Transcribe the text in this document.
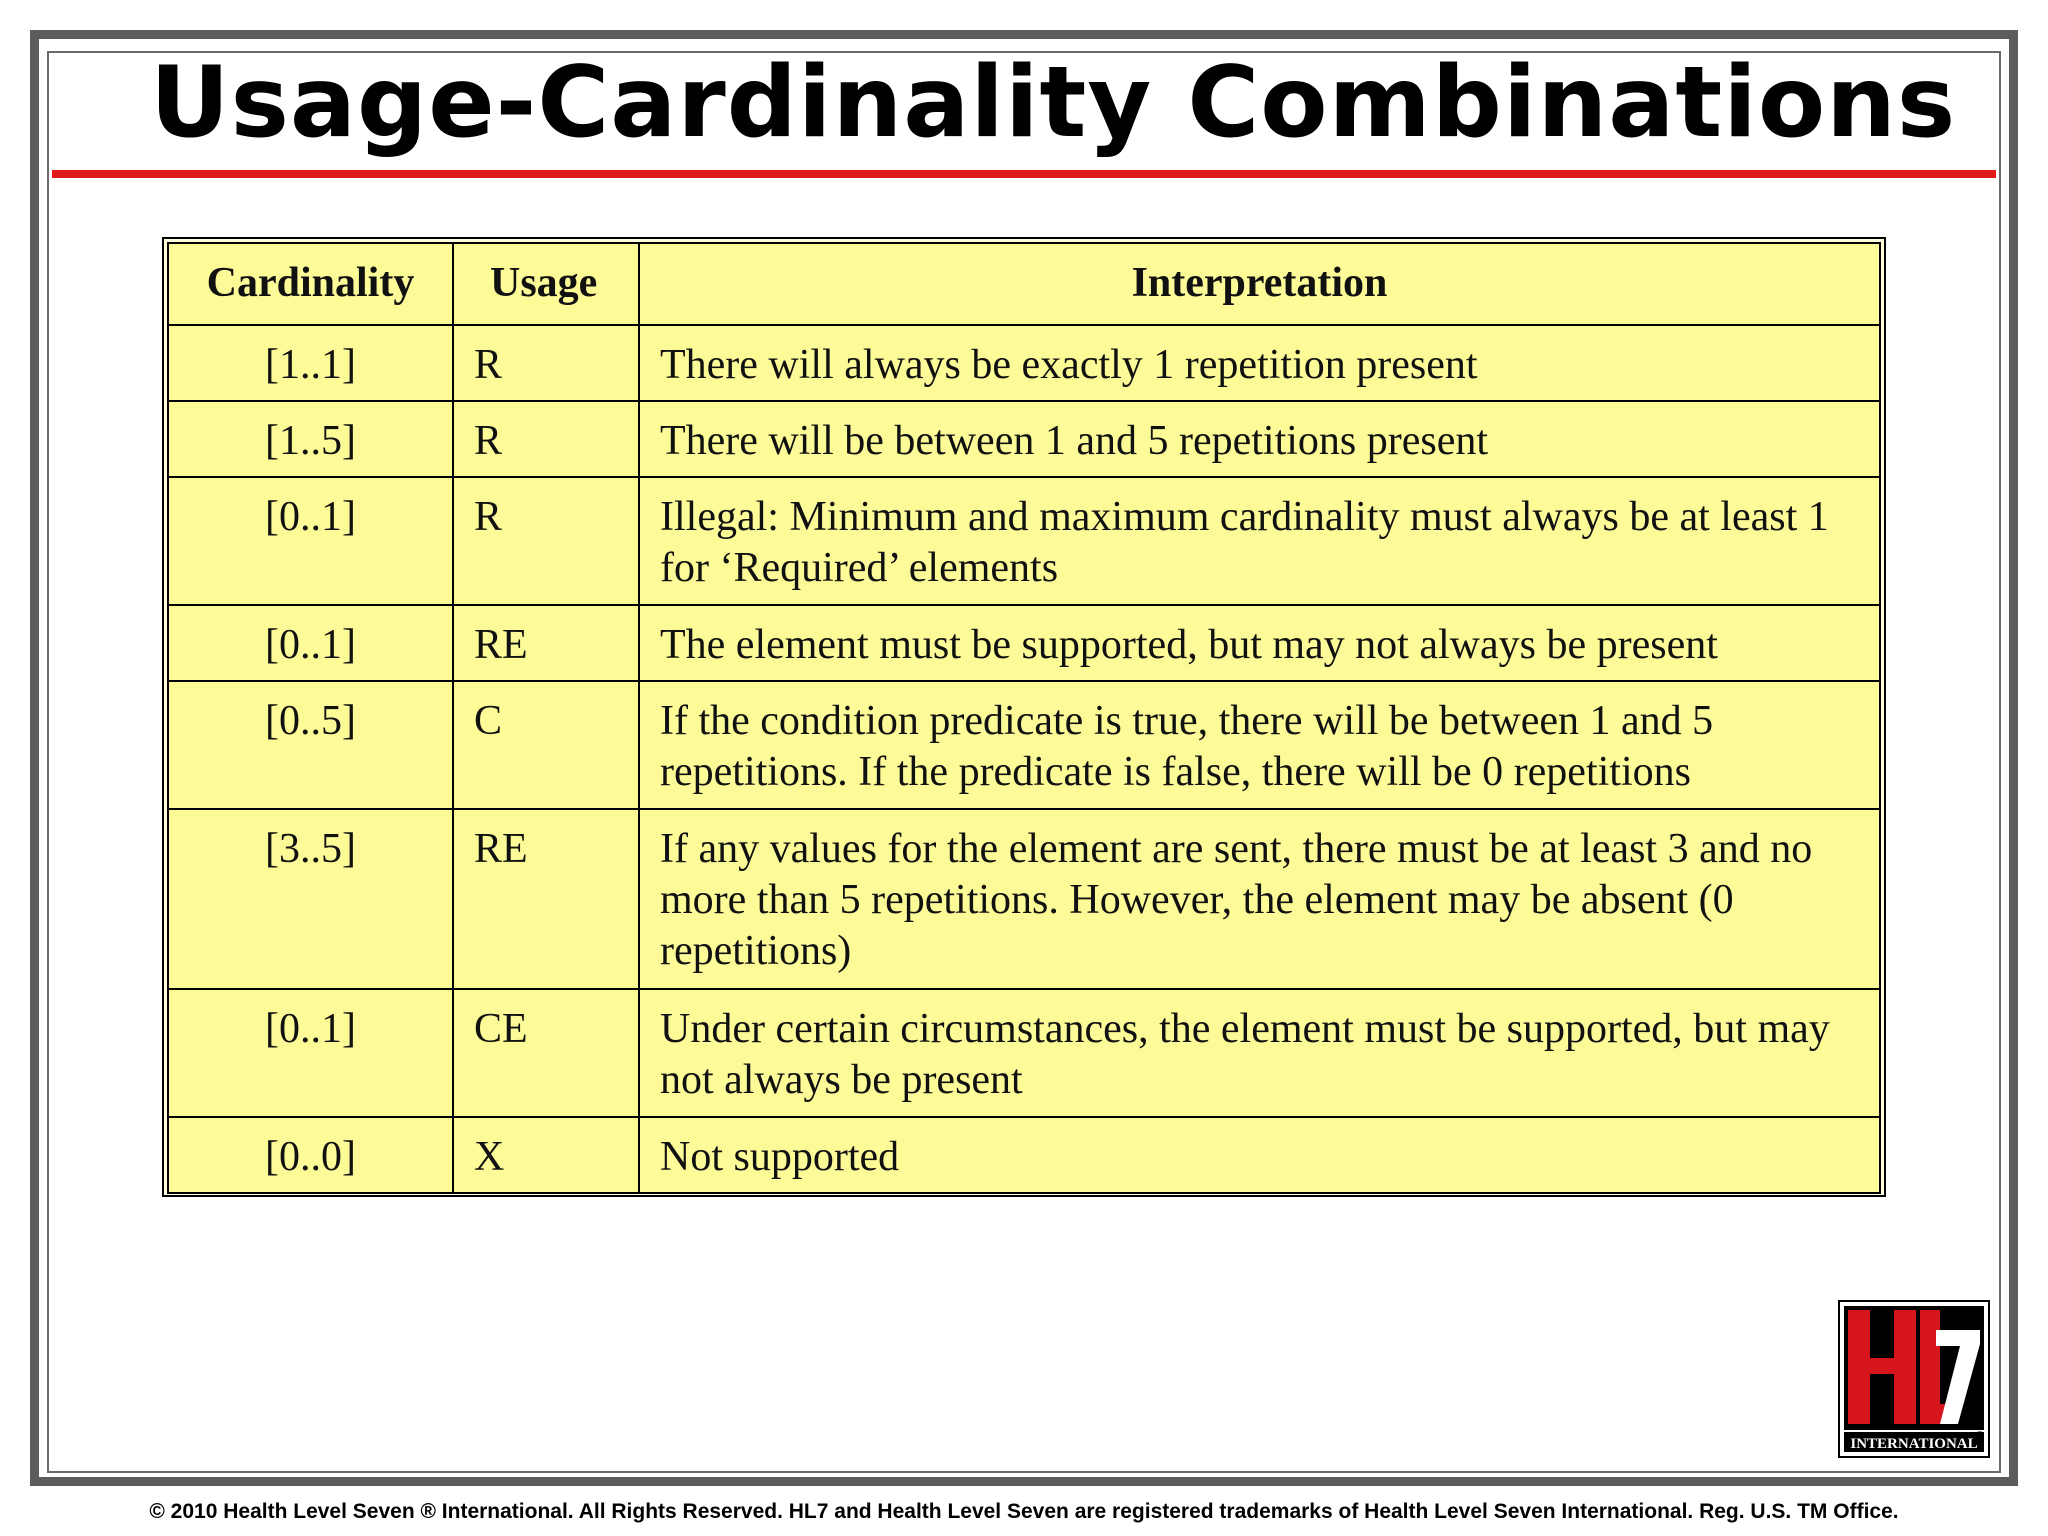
Usage-Cardinality Combinations
Cardinality	Usage	Interpretation
[1..1]	R	There will always be exactly 1 repetition present
[1..5]	R	There will be between 1 and 5 repetitions present
[0..1]	R	Illegal: Minimum and maximum cardinality must always be at least 1 for ‘Required’ elements
[0..1]	RE	The element must be supported, but may not always be present
[0..5]	C	If the condition predicate is true, there will be between 1 and 5 repetitions. If the predicate is false, there will be 0 repetitions
[3..5]	RE	If any values for the element are sent, there must be at least 3 and no more than 5 repetitions. However, the element may be absent (0 repetitions)
[0..1]	CE	Under certain circumstances, the element must be supported, but may not always be present
[0..0]	X	Not supported
INTERNATIONAL
© 2010 Health Level Seven ® International. All Rights Reserved. HL7 and Health Level Seven are registered trademarks of Health Level Seven International. Reg. U.S. TM Office.
